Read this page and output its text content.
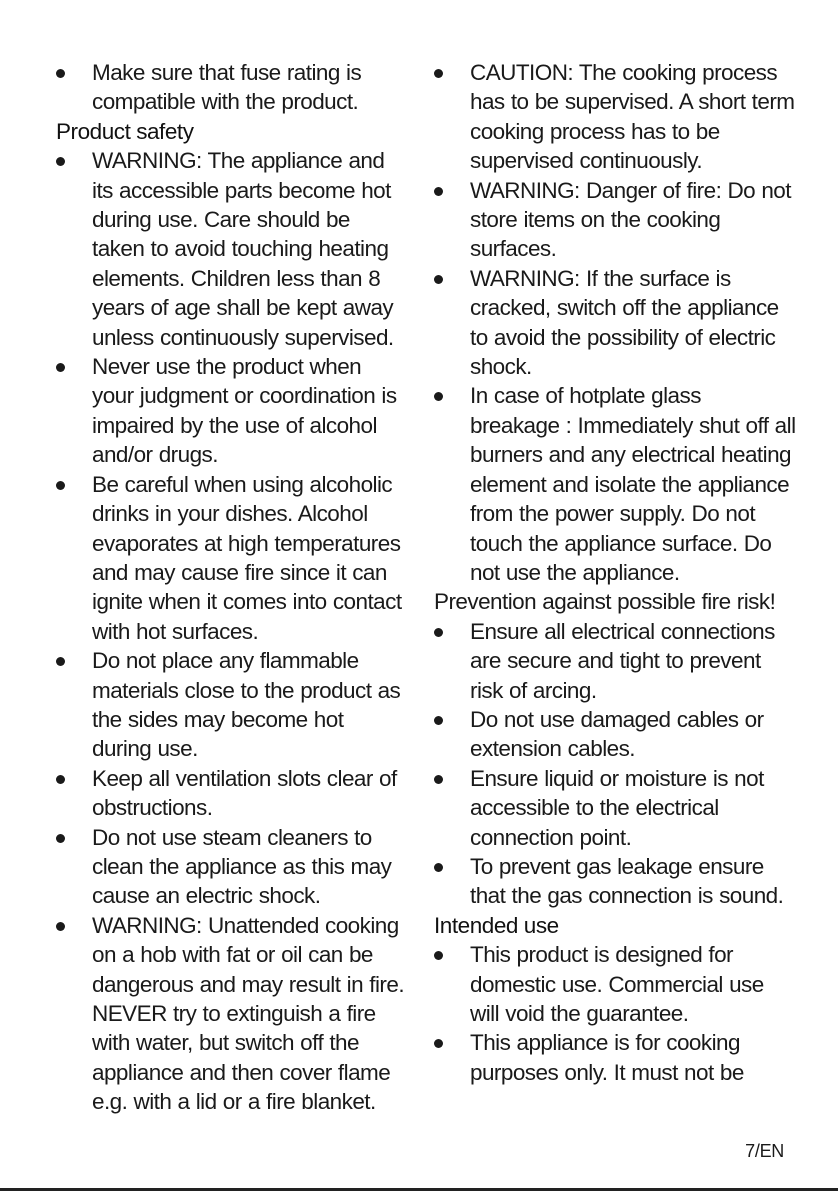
Make sure that fuse rating is compatible with the product.
Product safety
WARNING: The appliance and its accessible parts become hot during use. Care should be taken to avoid touching heating elements. Children less than 8 years of age shall be kept away unless continuously supervised.
Never use the product when your judgment or coordination is impaired by the use of alcohol and/or drugs.
Be careful when using alcoholic drinks in your dishes. Alcohol evaporates at high temperatures and may cause fire since it can ignite when it comes into contact with hot surfaces.
Do not place any flammable materials close to the product as the sides may become hot during use.
Keep all ventilation slots clear of obstructions.
Do not use steam cleaners to clean the appliance as this may cause an electric shock.
WARNING: Unattended cooking on a hob with fat or oil can be dangerous and may result in fire. NEVER try to extinguish a fire with water, but switch off the appliance and then cover flame e.g. with a lid or a fire blanket.
CAUTION: The cooking process has to be supervised. A short term cooking process has to be supervised continuously.
WARNING: Danger of fire: Do not store items on the cooking surfaces.
WARNING: If the surface is cracked, switch off the appliance to avoid the possibility of electric shock.
In case of hotplate glass breakage : Immediately shut off all burners and any electrical heating element and isolate the appliance from the power supply. Do not touch the appliance surface. Do not use the appliance.
Prevention against possible fire risk!
Ensure all electrical connections are secure and tight to prevent risk of arcing.
Do not use damaged cables or extension cables.
Ensure liquid or moisture is not accessible to the electrical connection point.
To prevent gas leakage ensure that the gas connection is sound.
Intended use
This product is designed for domestic use. Commercial use will void the guarantee.
This appliance is for cooking purposes only. It must not be
7/EN
